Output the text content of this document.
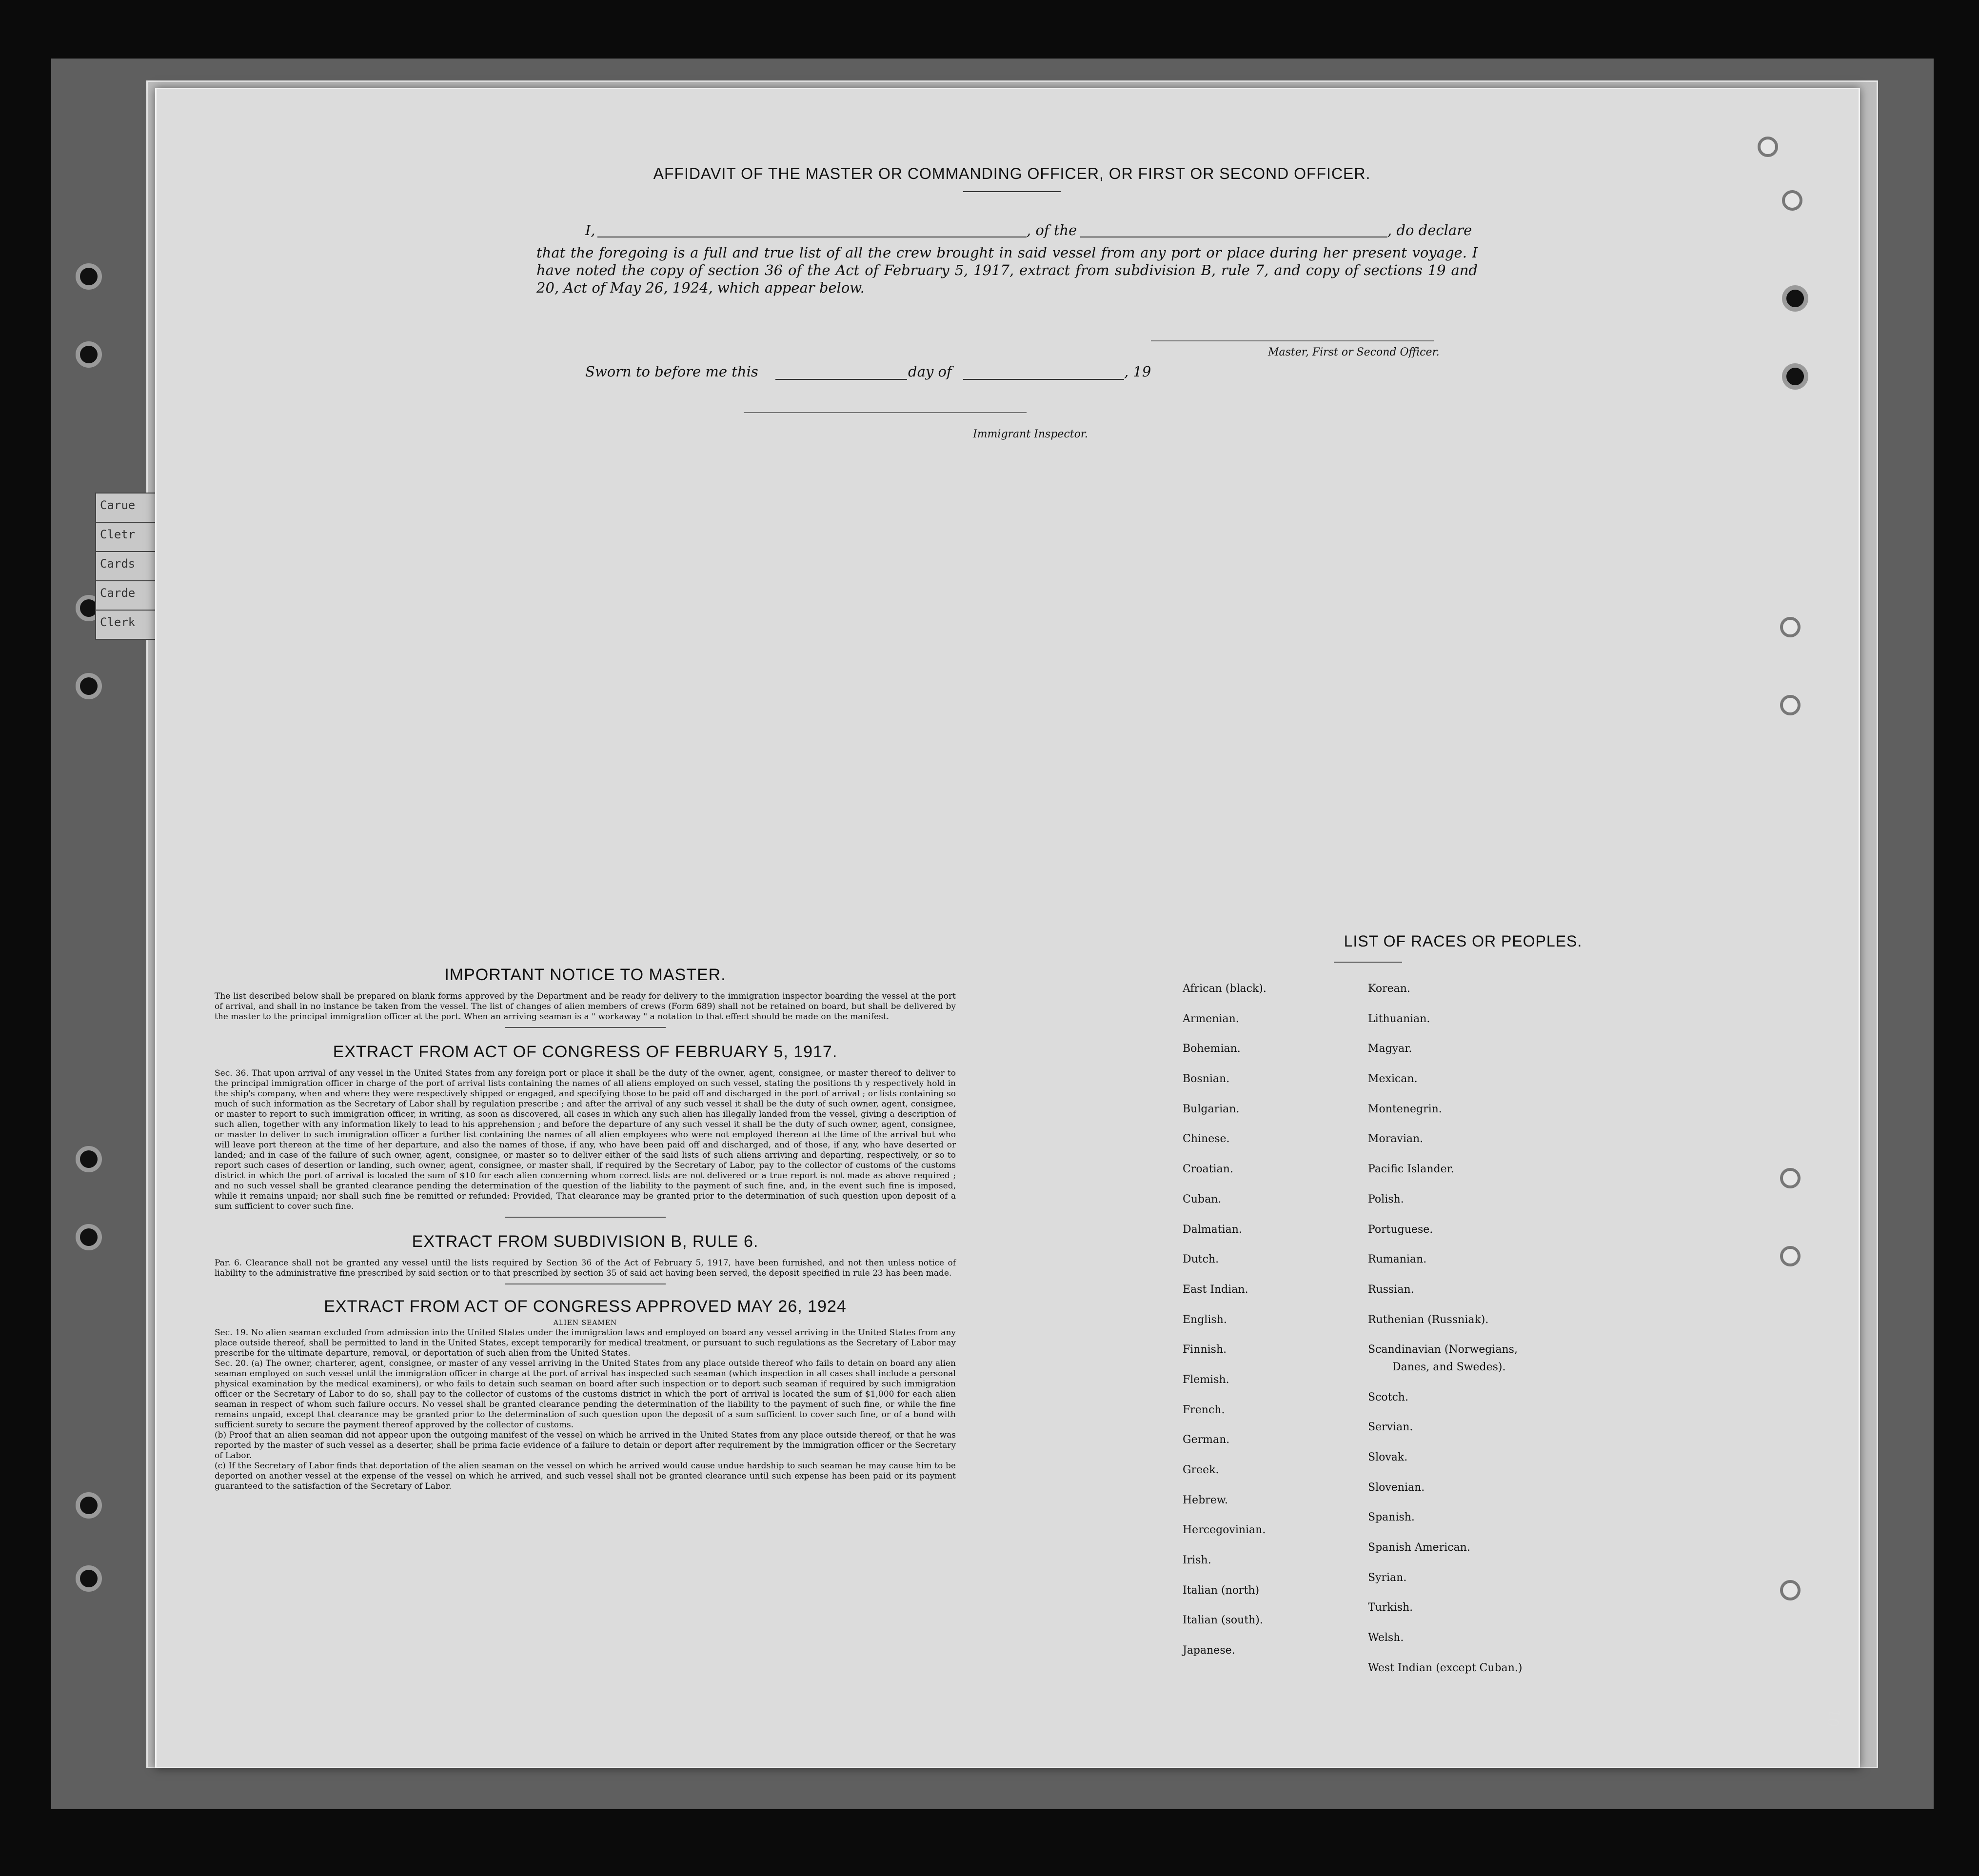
Carue
Cletr
Cards
Carde
Clerk
AFFIDAVIT OF THE MASTER OR COMMANDING OFFICER, OR FIRST OR SECOND OFFICER.
I,	, of the	, do declare
that the foregoing is a full and true list of all the crew brought in said vessel from any port or place during her present voyage. I have noted the copy of section 36 of the Act of February 5, 1917, extract from subdivision B, rule 7, and copy of sections 19 and 20, Act of May 26, 1924, which appear below.
Master, First or Second Officer.
Sworn to before me this	day of	, 19
Immigrant Inspector.

IMPORTANT NOTICE TO MASTER.

The list described below shall be prepared on blank forms approved by the Department and be ready for delivery to the immigration inspector boarding the vessel at the port of arrival, and shall in no instance be taken from the vessel. The list of changes of alien members of crews (Form 689) shall not be retained on board, but shall be delivered by the master to the principal immigration officer at the port. When an arriving seaman is a " workaway " a notation to that effect should be made on the manifest.

EXTRACT FROM ACT OF CONGRESS OF FEBRUARY 5, 1917.

Sec. 36. That upon arrival of any vessel in the United States from any foreign port or place it shall be the duty of the owner, agent, consignee, or master thereof to deliver to the principal immigration officer in charge of the port of arrival lists containing the names of all aliens employed on such vessel, stating the positions th y respectively hold in the ship's company, when and where they were respectively shipped or engaged, and specifying those to be paid off and discharged in the port of arrival ; or lists containing so much of such information as the Secretary of Labor shall by regulation prescribe ; and after the arrival of any such vessel it shall be the duty of such owner, agent, consignee, or master to report to such immigration officer, in writing, as soon as discovered, all cases in which any such alien has illegally landed from the vessel, giving a description of such alien, together with any information likely to lead to his apprehension ; and before the departure of any such vessel it shall be the duty of such owner, agent, consignee, or master to deliver to such immigration officer a further list containing the names of all alien employees who were not employed thereon at the time of the arrival but who will leave port thereon at the time of her departure, and also the names of those, if any, who have been paid off and discharged, and of those, if any, who have deserted or landed; and in case of the failure of such owner, agent, consignee, or master so to deliver either of the said lists of such aliens arriving and departing, respectively, or so to report such cases of desertion or landing, such owner, agent, consignee, or master shall, if required by the Secretary of Labor, pay to the collector of customs of the customs district in which the port of arrival is located the sum of $10 for each alien concerning whom correct lists are not delivered or a true report is not made as above required ; and no such vessel shall be granted clearance pending the determination of the question of the liability to the payment of such fine, and, in the event such fine is imposed, while it remains unpaid; nor shall such fine be remitted or refunded: Provided, That clearance may be granted prior to the determination of such question upon deposit of a sum sufficient to cover such fine.

EXTRACT FROM SUBDIVISION B, RULE 6.

Par. 6. Clearance shall not be granted any vessel until the lists required by Section 36 of the Act of February 5, 1917, have been furnished, and not then unless notice of liability to the administrative fine prescribed by said section or to that prescribed by section 35 of said act having been served, the deposit specified in rule 23 has been made.

EXTRACT FROM ACT OF CONGRESS APPROVED MAY 26, 1924

ALIEN SEAMEN

Sec. 19. No alien seaman excluded from admission into the United States under the immigration laws and employed on board any vessel arriving in the United States from any place outside thereof, shall be permitted to land in the United States, except temporarily for medical treatment, or pursuant to such regulations as the Secretary of Labor may prescribe for the ultimate departure, removal, or deportation of such alien from the United States.

Sec. 20. (a) The owner, charterer, agent, consignee, or master of any vessel arriving in the United States from any place outside thereof who fails to detain on board any alien seaman employed on such vessel until the immigration officer in charge at the port of arrival has inspected such seaman (which inspection in all cases shall include a personal physical examination by the medical examiners), or who fails to detain such seaman on board after such inspection or to deport such seaman if required by such immigration officer or the Secretary of Labor to do so, shall pay to the collector of customs of the customs district in which the port of arrival is located the sum of $1,000 for each alien seaman in respect of whom such failure occurs. No vessel shall be granted clearance pending the determination of the liability to the payment of such fine, or while the fine remains unpaid, except that clearance may be granted prior to the determination of such question upon the deposit of a sum sufficient to cover such fine, or of a bond with sufficient surety to secure the payment thereof approved by the collector of customs.

(b) Proof that an alien seaman did not appear upon the outgoing manifest of the vessel on which he arrived in the United States from any place outside thereof, or that he was reported by the master of such vessel as a deserter, shall be prima facie evidence of a failure to detain or deport after requirement by the immigration officer or the Secretary of Labor.

(c) If the Secretary of Labor finds that deportation of the alien seaman on the vessel on which he arrived would cause undue hardship to such seaman he may cause him to be deported on another vessel at the expense of the vessel on which he arrived, and such vessel shall not be granted clearance until such expense has been paid or its payment guaranteed to the satisfaction of the Secretary of Labor.

LIST OF RACES OR PEOPLES.
African (black).
Armenian.
Bohemian.
Bosnian.
Bulgarian.
Chinese.
Croatian.
Cuban.
Dalmatian.
Dutch.
East Indian.
English.
Finnish.
Flemish.
French.
German.
Greek.
Hebrew.
Hercegovinian.
Irish.
Italian (north)
Italian (south).
Japanese.
Korean.
Lithuanian.
Magyar.
Mexican.
Montenegrin.
Moravian.
Pacific Islander.
Polish.
Portuguese.
Rumanian.
Russian.
Ruthenian (Russniak).
Scandinavian (Norwegians,
Danes, and Swedes).
Scotch.
Servian.
Slovak.
Slovenian.
Spanish.
Spanish American.
Syrian.
Turkish.
Welsh.
West Indian (except Cuban.)
10
